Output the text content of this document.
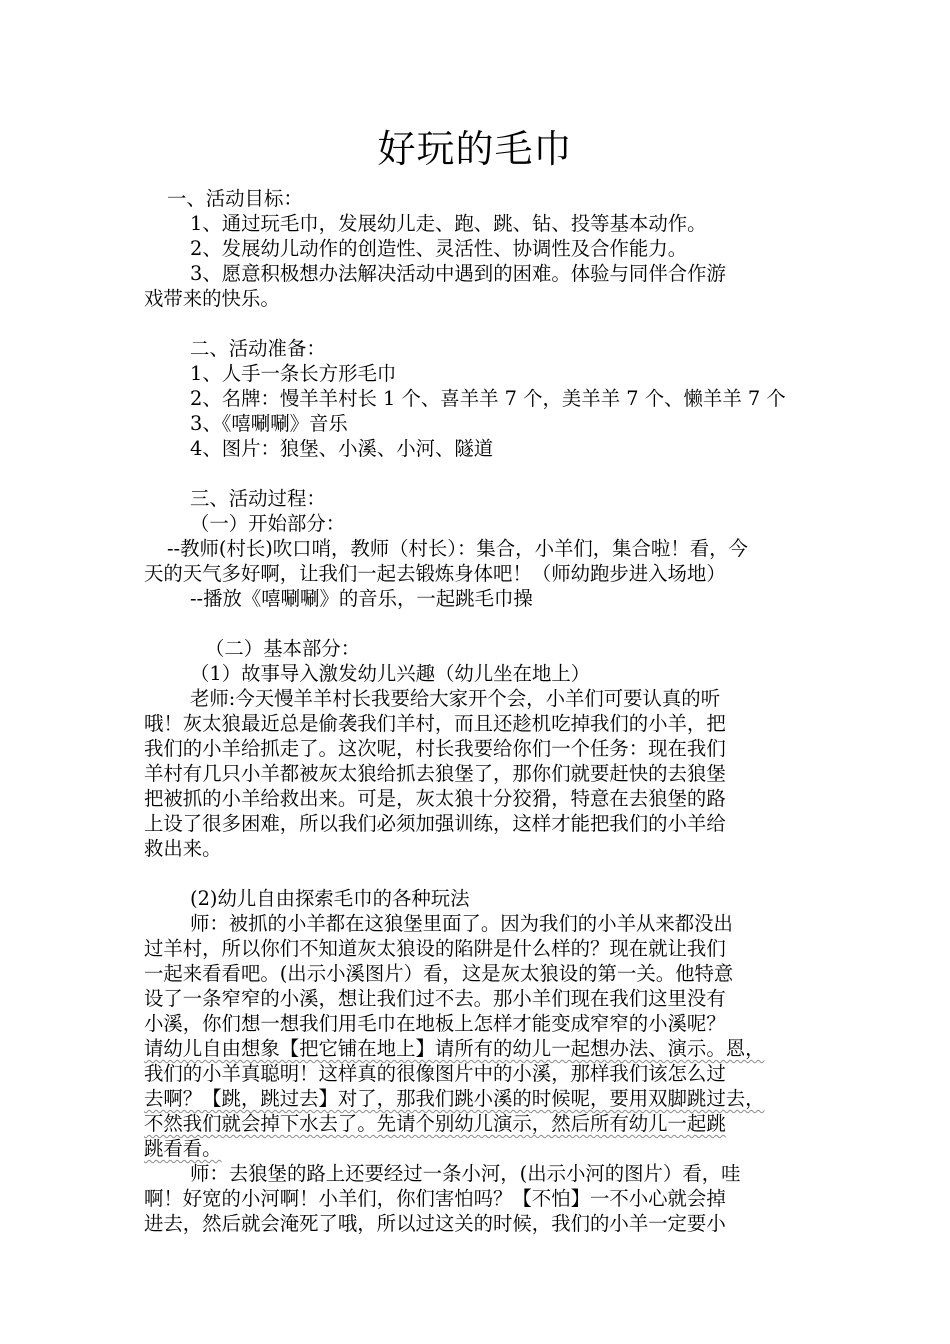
好玩的毛巾
一、活动目标：
1、通过玩毛巾，发展幼儿走、跑、跳、钻、投等基本动作。
2、发展幼儿动作的创造性、灵活性、协调性及合作能力。
3、愿意积极想办法解决活动中遇到的困难。体验与同伴合作游
戏带来的快乐。
二、活动准备：
1、人手一条长方形毛巾
2、名牌：慢羊羊村长 1 个、喜羊羊 7 个，美羊羊 7 个、懒羊羊 7 个
3、《嘻唰唰》音乐
4、图片：狼堡、小溪、小河、隧道
三、活动过程：
（一）开始部分：
--教师(村长)吹口哨，教师（村长）：集合，小羊们，集合啦！看，今
天的天气多好啊，让我们一起去锻炼身体吧！（师幼跑步进入场地）
--播放《嘻唰唰》的音乐，一起跳毛巾操
（二）基本部分：
（1）故事导入激发幼儿兴趣（幼儿坐在地上）
老师:今天慢羊羊村长我要给大家开个会，小羊们可要认真的听
哦！灰太狼最近总是偷袭我们羊村，而且还趁机吃掉我们的小羊，把
我们的小羊给抓走了。这次呢，村长我要给你们一个任务：现在我们
羊村有几只小羊都被灰太狼给抓去狼堡了，那你们就要赶快的去狼堡
把被抓的小羊给救出来。可是，灰太狼十分狡猾，特意在去狼堡的路
上设了很多困难，所以我们必须加强训练，这样才能把我们的小羊给
救出来。
(2)幼儿自由探索毛巾的各种玩法
师：被抓的小羊都在这狼堡里面了。因为我们的小羊从来都没出
过羊村，所以你们不知道灰太狼设的陷阱是什么样的？现在就让我们
一起来看看吧。(出示小溪图片）看，这是灰太狼设的第一关。他特意
设了一条窄窄的小溪，想让我们过不去。那小羊们现在我们这里没有
小溪，你们想一想我们用毛巾在地板上怎样才能变成窄窄的小溪呢？
请幼儿自由想象【把它铺在地上】请所有的幼儿一起想办法、演示。恩，
我们的小羊真聪明！这样真的很像图片中的小溪，那样我们该怎么过
去啊？【跳，跳过去】对了，那我们跳小溪的时候呢，要用双脚跳过去，
不然我们就会掉下水去了。先请个别幼儿演示，然后所有幼儿一起跳
跳看看。
师：去狼堡的路上还要经过一条小河，(出示小河的图片）看，哇
啊！好宽的小河啊！小羊们，你们害怕吗？【不怕】一不小心就会掉
进去，然后就会淹死了哦，所以过这关的时候，我们的小羊一定要小
